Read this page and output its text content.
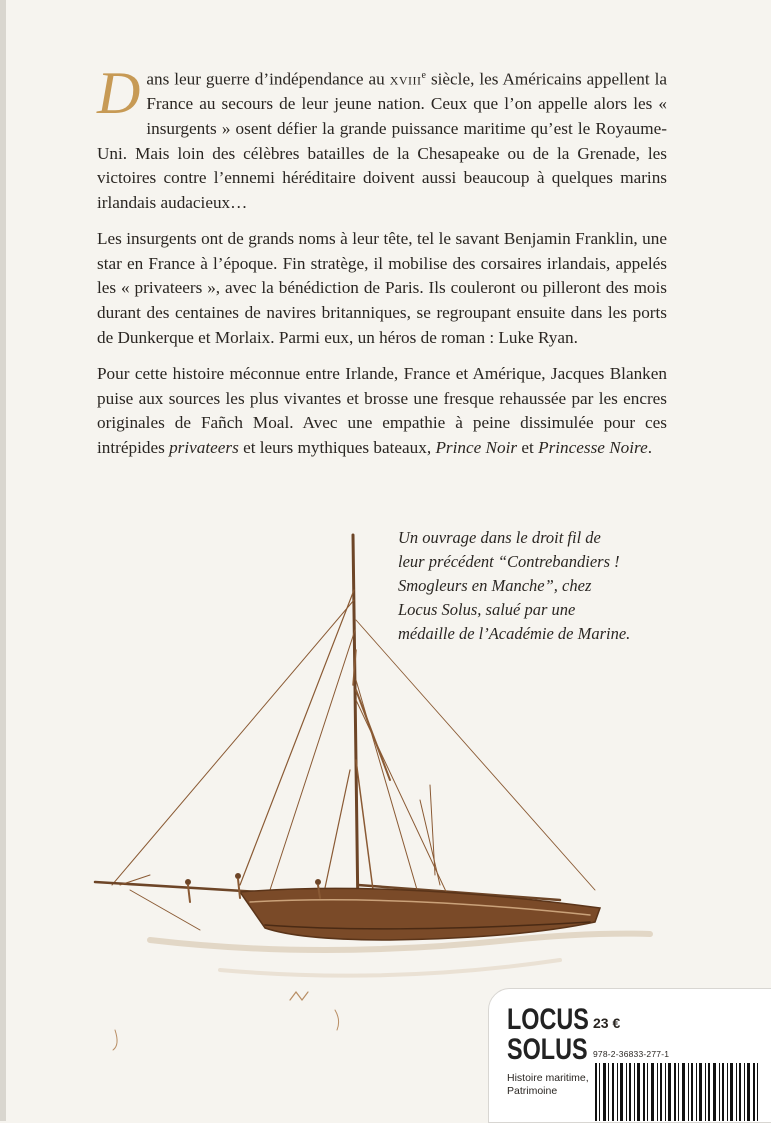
Dans leur guerre d’indépendance au xviii$^e$ siècle, les Américains appellent la France au secours de leur jeune nation. Ceux que l’on appelle alors les « insurgents » osent défier la grande puissance maritime qu’est le Royaume-Uni. Mais loin des célèbres batailles de la Chesapeake ou de la Grenade, les victoires contre l’ennemi héréditaire doivent aussi beaucoup à quelques marins irlandais audacieux…

Les insurgents ont de grands noms à leur tête, tel le savant Benjamin Franklin, une star en France à l’époque. Fin stratège, il mobilise des corsaires irlandais, appelés les « privateers », avec la bénédiction de Paris. Ils couleront ou pilleront des mois durant des centaines de navires britanniques, se regroupant ensuite dans les ports de Dunkerque et Morlaix. Parmi eux, un héros de roman : Luke Ryan.

Pour cette histoire méconnue entre Irlande, France et Amérique, Jacques Blanken puise aux sources les plus vivantes et brosse une fresque rehaussée par les encres originales de Fañch Moal. Avec une empathie à peine dissimulée pour ces intrépides privateers et leurs mythiques bateaux, Prince Noir et Princesse Noire.

Un ouvrage dans le droit fil de
leur précédent “Contrebandiers !
Smogleurs en Manche”, chez
Locus Solus, salué par une
médaille de l’Académie de Marine.
LOCUS
SOLUS
23 €
978-2-36833-277-1
Histoire maritime,
Patrimoine
